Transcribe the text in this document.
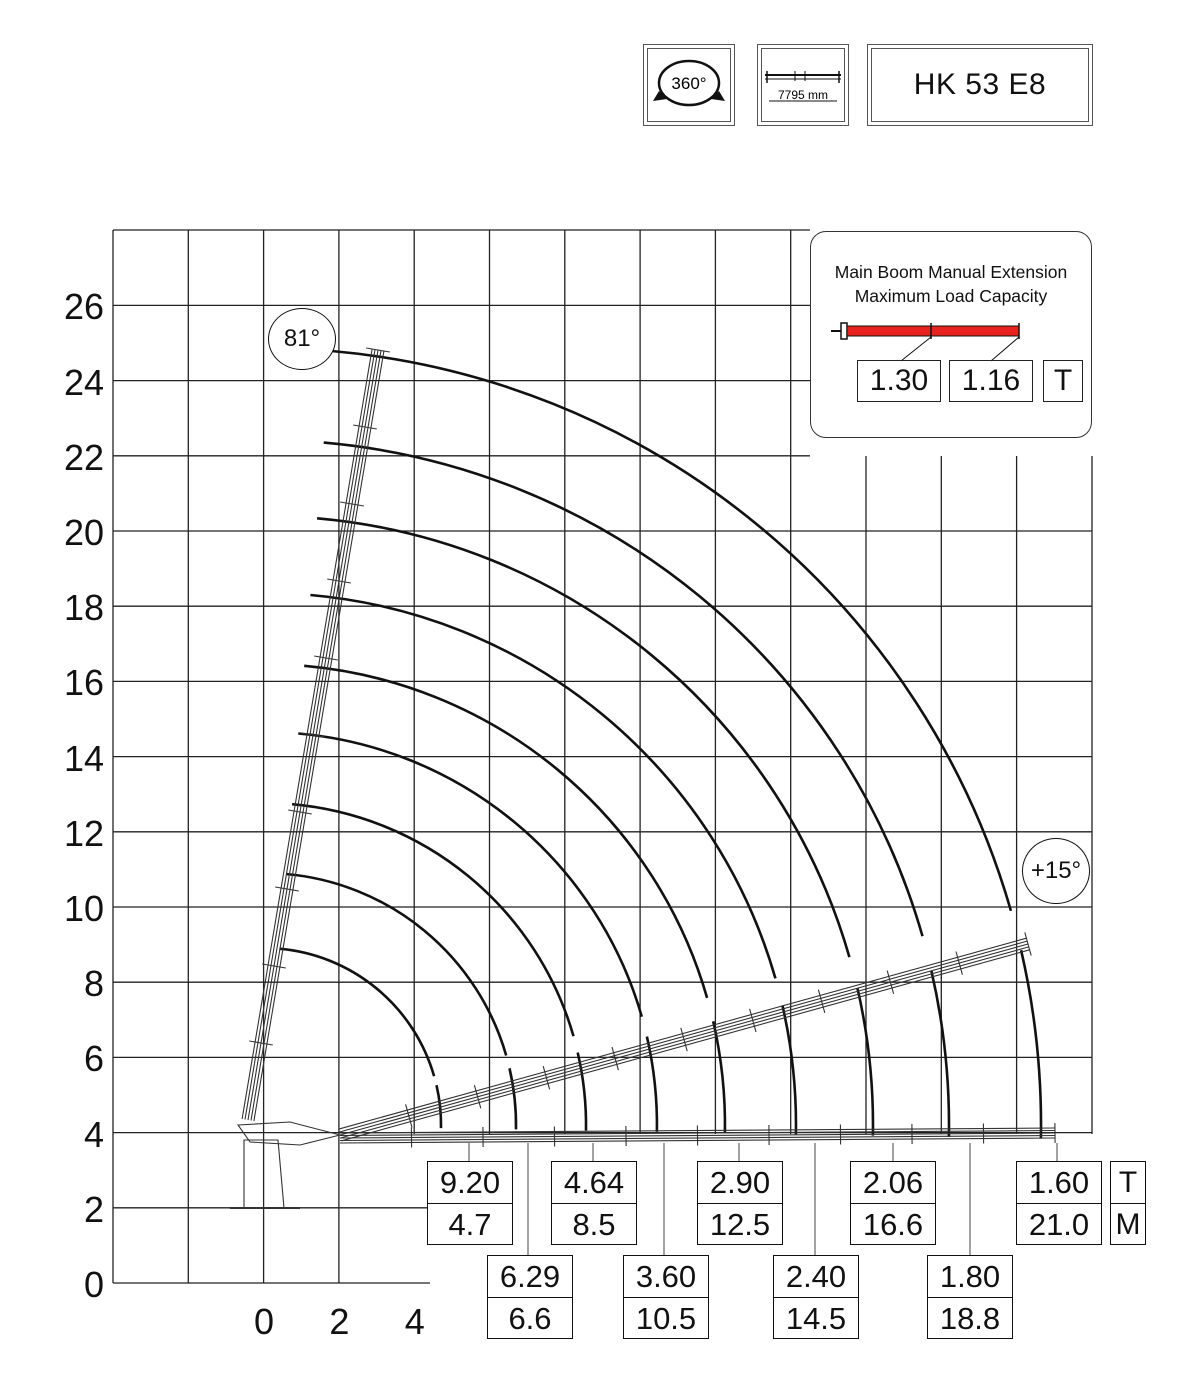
360°
7795 mm	HK 53 E8
Main Boom Manual Extension
Maximum Load Capacity
1.30	1.16	T
81°
+15°
0
2
4
6
8
10
12
14
16
18
20
22
24
26
0 2 4
9.20
4.7
6.29
6.6
4.64
8.5
3.60
10.5
2.90
12.5
2.40
14.5
2.06
16.6
1.80
18.8
1.60
21.0
T
M
